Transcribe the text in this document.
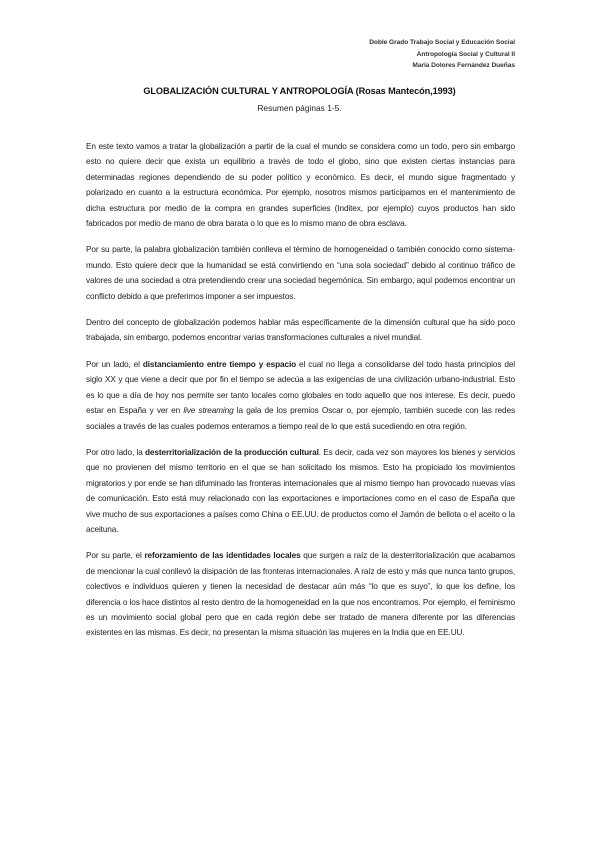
Doble Grado Trabajo Social y Educación Social
Antropología Social y Cultural II
María Dolores Fernández Dueñas
GLOBALIZACIÓN CULTURAL Y ANTROPOLOGÍA (Rosas Mantecón,1993)
Resumen páginas 1-5.

En este texto vamos a tratar la globalización a partir de la cual el mundo se considera como un todo, pero sin embargo esto no quiere decir que exista un equilibrio a través de todo el globo, sino que existen ciertas instancias para determinadas regiones dependiendo de su poder político y económico. Es decir, el mundo sigue fragmentado y polarizado en cuanto a la estructura económica. Por ejemplo, nosotros mismos participamos en el mantenimiento de dicha estructura por medio de la compra en grandes superficies (Inditex, por ejemplo) cuyos productos han sido fabricados por medio de mano de obra barata o lo que es lo mismo mano de obra esclava.

Por su parte, la palabra globalización también conlleva el término de homogeneidad o también conocido como sistema-mundo. Esto quiere decir que la humanidad se está convirtiendo en “una sola sociedad” debido al continuo tráfico de valores de una sociedad a otra pretendiendo crear una sociedad hegemónica. Sin embargo, aquí podemos encontrar un conflicto debido a que preferimos imponer a ser impuestos.

Dentro del concepto de globalización podemos hablar más específicamente de la dimensión cultural que ha sido poco trabajada, sin embargo, podemos encontrar varias transformaciones culturales a nivel mundial.

Por un lado, el distanciamiento entre tiempo y espacio el cual no llega a consolidarse del todo hasta principios del siglo XX y que viene a decir que por fin el tiempo se adecúa a las exigencias de una civilización urbano-industrial. Esto es lo que a día de hoy nos permite ser tanto locales como globales en todo aquello que nos interese. Es decir, puedo estar en España y ver en live streaming la gala de los premios Oscar o, por ejemplo, también sucede con las redes sociales a través de las cuales podemos enteramos a tiempo real de lo que está sucediendo en otra región.

Por otro lado, la desterritorialización de la producción cultural. Es decir, cada vez son mayores los bienes y servicios que no provienen del mismo territorio en el que se han solicitado los mismos. Esto ha propiciado los movimientos migratorios y por ende se han difuminado las fronteras internacionales que al mismo tiempo han provocado nuevas vías de comunicación. Esto está muy relacionado con las exportaciones e importaciones como en el caso de España que vive mucho de sus exportaciones a países como China o EE.UU. de productos como el Jamón de bellota o el aceito o la aceituna.

Por su parte, el reforzamiento de las identidades locales que surgen a raíz de la desterritorialización que acabamos de mencionar la cual conllevó la disipación de las fronteras internacionales. A raíz de esto y más que nunca tanto grupos, colectivos e individuos quieren y tienen la necesidad de destacar aún más “lo que es suyo”, lo que los define, los diferencia o los hace distintos al resto dentro de la homogeneidad en la que nos encontramos. Por ejemplo, el feminismo es un movimiento social global pero que en cada región debe ser tratado de manera diferente por las diferencias existentes en las mismas. Es decir, no presentan la misma situación las mujeres en la India que en EE.UU.
